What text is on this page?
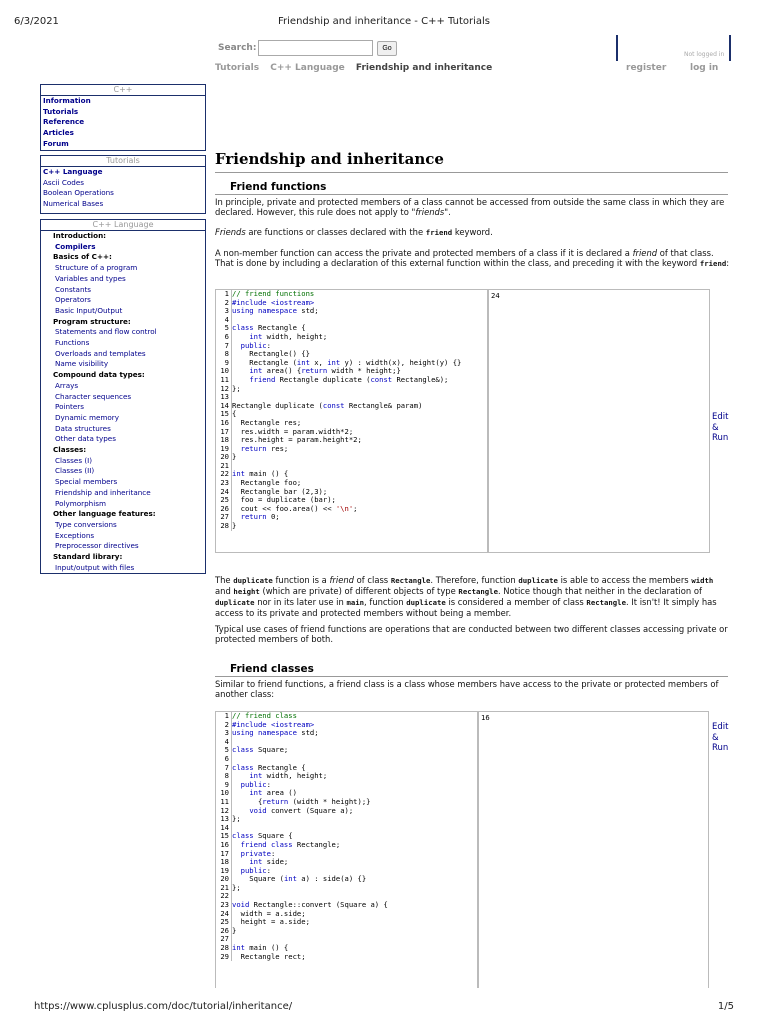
6/3/2021	Friendship and inheritance - C++ Tutorials
Search:	Go
Tutorials C++ Language Friendship and inheritance
Not logged in
register	log in
C++
Information
Tutorials
Reference
Articles
Forum
Tutorials
C++ Language
Ascii Codes
Boolean Operations
Numerical Bases
C++ Language
Introduction:
Compilers
Basics of C++:
Structure of a program
Variables and types
Constants
Operators
Basic Input/Output
Program structure:
Statements and flow control
Functions
Overloads and templates
Name visibility
Compound data types:
Arrays
Character sequences
Pointers
Dynamic memory
Data structures
Other data types
Classes:
Classes (I)
Classes (II)
Special members
Friendship and inheritance
Polymorphism
Other language features:
Type conversions
Exceptions
Preprocessor directives
Standard library:
Input/output with files
Friendship and inheritance
Friend functions
In principle, private and protected members of a class cannot be accessed from outside the same class in which they are declared. However, this rule does not apply to "friends".
Friends are functions or classes declared with the friend keyword.
A non-member function can access the private and protected members of a class if it is declared a friend of that class. That is done by including a declaration of this external function within the class, and preceding it with the keyword friend:
1 // friend functions
2 #include <iostream>
3 using namespace std;
4
5 class Rectangle {
6	int width, height;
7 public:
8    Rectangle() {}
9    Rectangle (int x, int y) : width(x), height(y) {}
10	int area() {return width * height;}
11	friend Rectangle duplicate (const Rectangle&);
12 };
13
14 Rectangle duplicate (const Rectangle& param)
15 {
16  Rectangle res;
17  res.width = param.width*2;
18  res.height = param.height*2;
19 return res;
20 }
21
22 int main () {
23  Rectangle foo;
24  Rectangle bar (2,3);
25  foo = duplicate (bar);
26  cout << foo.area() << '\n';
27 return 0;
28 }
24
Edit
&
Run
The duplicate function is a friend of class Rectangle. Therefore, function duplicate is able to access the members width and height (which are private) of different objects of type Rectangle. Notice though that neither in the declaration of duplicate nor in its later use in main, function duplicate is considered a member of class Rectangle. It isn't! It simply has access to its private and protected members without being a member.
Typical use cases of friend functions are operations that are conducted between two different classes accessing private or protected members of both.
Friend classes
Similar to friend functions, a friend class is a class whose members have access to the private or protected members of another class:
1 // friend class
2 #include <iostream>
3 using namespace std;
4
5 class Square;
6
7 class Rectangle {
8	int width, height;
9 public:
10	int area ()
11      {return (width * height);}
12	void convert (Square a);
13 };
14
15 class Square {
16 friend class Rectangle;
17 private:
18	int side;
19 public:
20    Square (int a) : side(a) {}
21 };
22
23 void Rectangle::convert (Square a) {
24  width = a.side;
25  height = a.side;
26 }
27
28 int main () {
29  Rectangle rect;
16
Edit
&
Run
https://www.cplusplus.com/doc/tutorial/inheritance/	1/5
